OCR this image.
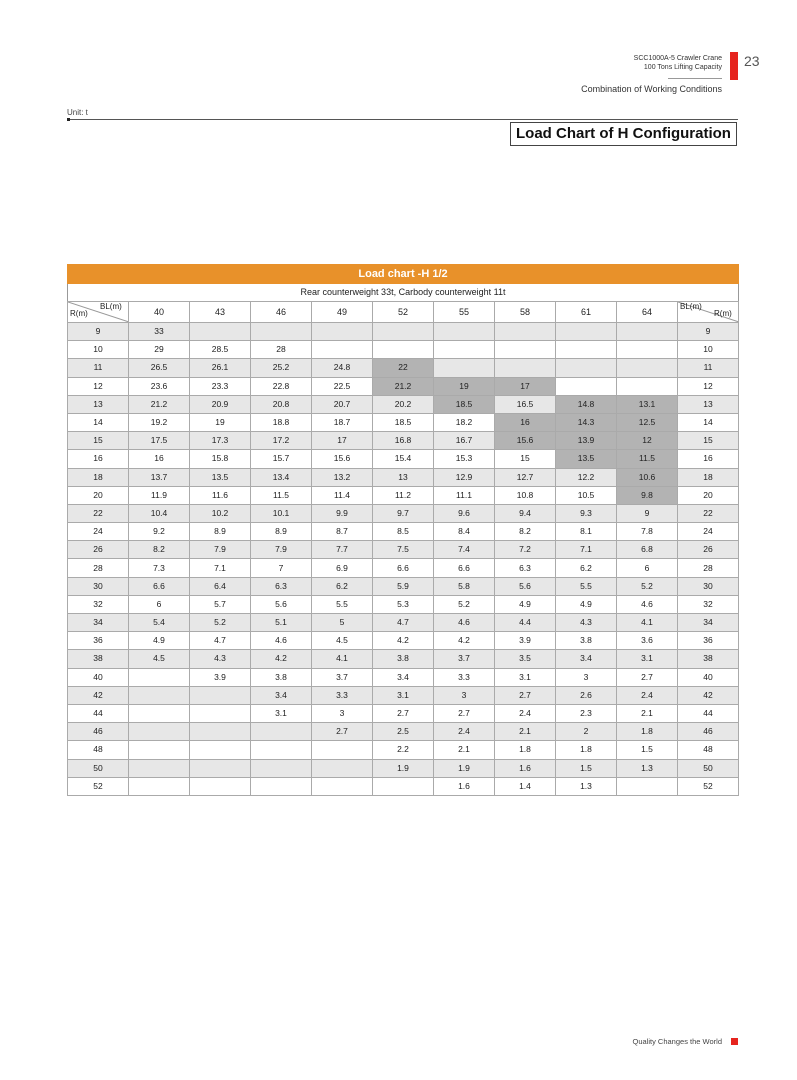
SCC1000A-5 Crawler Crane
100 Tons Lifting Capacity
Combination of Working Conditions
23
Unit: t
Load Chart of H Configuration
Load chart -H 1/2
Rear counterweight 33t, Carbody counterweight 11t
BL(m)
R(m)	40	43	46	49	52	55	58	61	64	BL(m)
R(m)

9	33									9
10	29	28.5	28							10
11	26.5	26.1	25.2	24.8	22					11
12	23.6	23.3	22.8	22.5	21.2	19	17			12
13	21.2	20.9	20.8	20.7	20.2	18.5	16.5	14.8	13.1	13
14	19.2	19	18.8	18.7	18.5	18.2	16	14.3	12.5	14
15	17.5	17.3	17.2	17	16.8	16.7	15.6	13.9	12	15
16	16	15.8	15.7	15.6	15.4	15.3	15	13.5	11.5	16
18	13.7	13.5	13.4	13.2	13	12.9	12.7	12.2	10.6	18
20	11.9	11.6	11.5	11.4	11.2	11.1	10.8	10.5	9.8	20
22	10.4	10.2	10.1	9.9	9.7	9.6	9.4	9.3	9	22
24	9.2	8.9	8.9	8.7	8.5	8.4	8.2	8.1	7.8	24
26	8.2	7.9	7.9	7.7	7.5	7.4	7.2	7.1	6.8	26
28	7.3	7.1	7	6.9	6.6	6.6	6.3	6.2	6	28
30	6.6	6.4	6.3	6.2	5.9	5.8	5.6	5.5	5.2	30
32	6	5.7	5.6	5.5	5.3	5.2	4.9	4.9	4.6	32
34	5.4	5.2	5.1	5	4.7	4.6	4.4	4.3	4.1	34
36	4.9	4.7	4.6	4.5	4.2	4.2	3.9	3.8	3.6	36
38	4.5	4.3	4.2	4.1	3.8	3.7	3.5	3.4	3.1	38
40		3.9	3.8	3.7	3.4	3.3	3.1	3	2.7	40
42			3.4	3.3	3.1	3	2.7	2.6	2.4	42
44			3.1	3	2.7	2.7	2.4	2.3	2.1	44
46				2.7	2.5	2.4	2.1	2	1.8	46
48					2.2	2.1	1.8	1.8	1.5	48
50					1.9	1.9	1.6	1.5	1.3	50
52						1.6	1.4	1.3		52
Quality Changes the World
